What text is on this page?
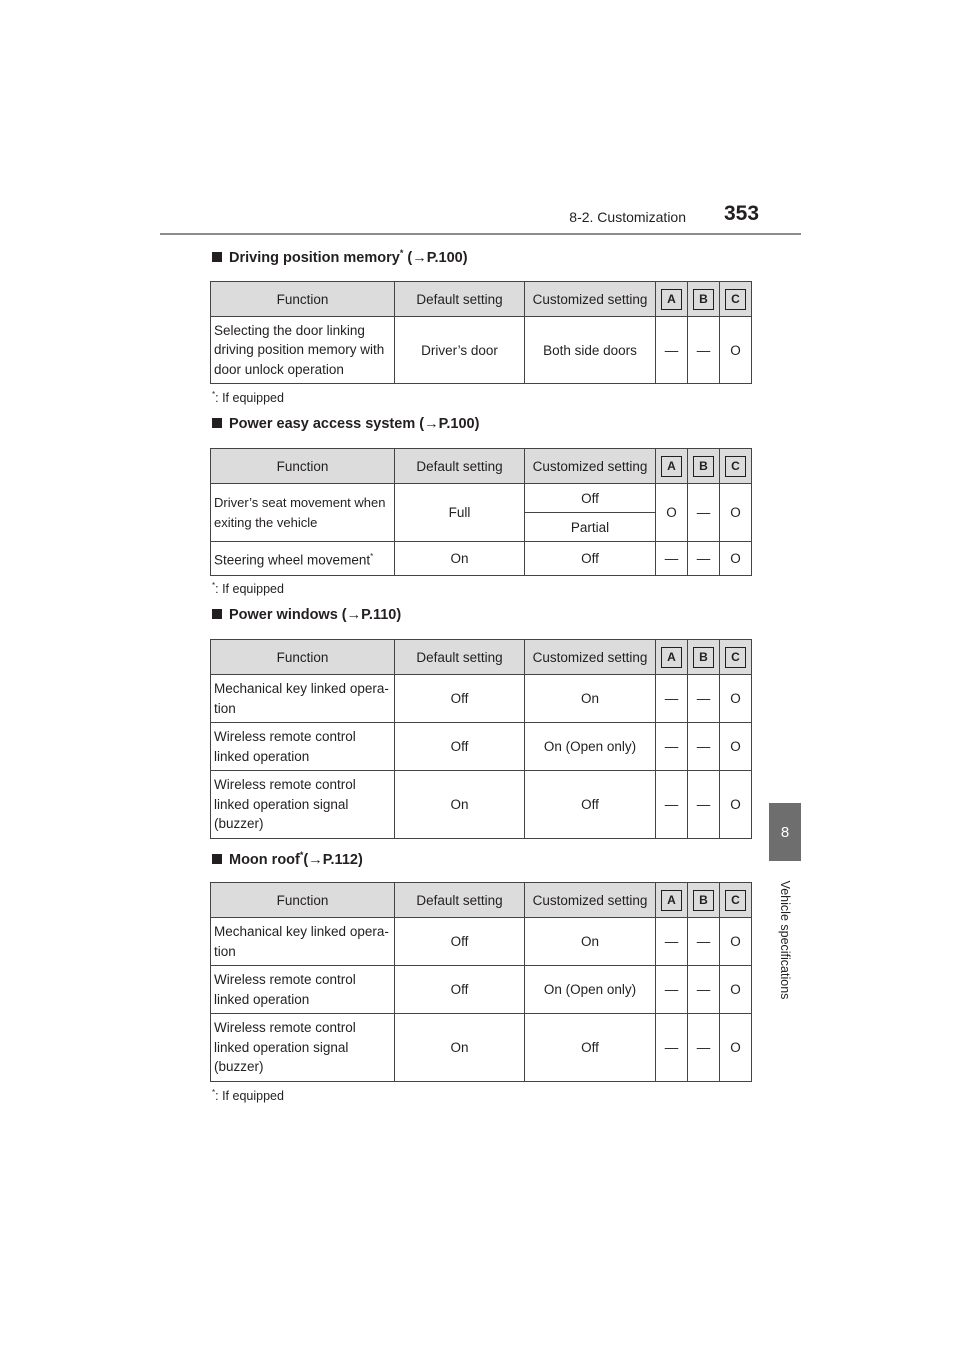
8-2. Customization 353
8
Vehicle specifications
Driving position memory* (→P.100)
Function	Default setting	Customized setting	A	B	C
Selecting the door linking driving position memory with door unlock operation	Driver’s door	Both side doors	—	—	O
*: If equipped
Power easy access system (→P.100)
Function	Default setting	Customized setting	A	B	C
Driver’s seat movement when exiting the vehicle	Full	Off	O	—	O
		Partial			
Steering wheel movement*	On	Off	—	—	O
*: If equipped
Power windows (→P.110)
Function	Default setting	Customized setting	A	B	C
Mechanical key linked opera-tion	Off	On	—	—	O
Wireless remote control linked operation	Off	On (Open only)	—	—	O
Wireless remote control linked operation signal (buzzer)	On	Off	—	—	O
Moon roof*(→P.112)
Function	Default setting	Customized setting	A	B	C
Mechanical key linked opera-tion	Off	On	—	—	O
Wireless remote control linked operation	Off	On (Open only)	—	—	O
Wireless remote control linked operation signal (buzzer)	On	Off	—	—	O
*: If equipped
